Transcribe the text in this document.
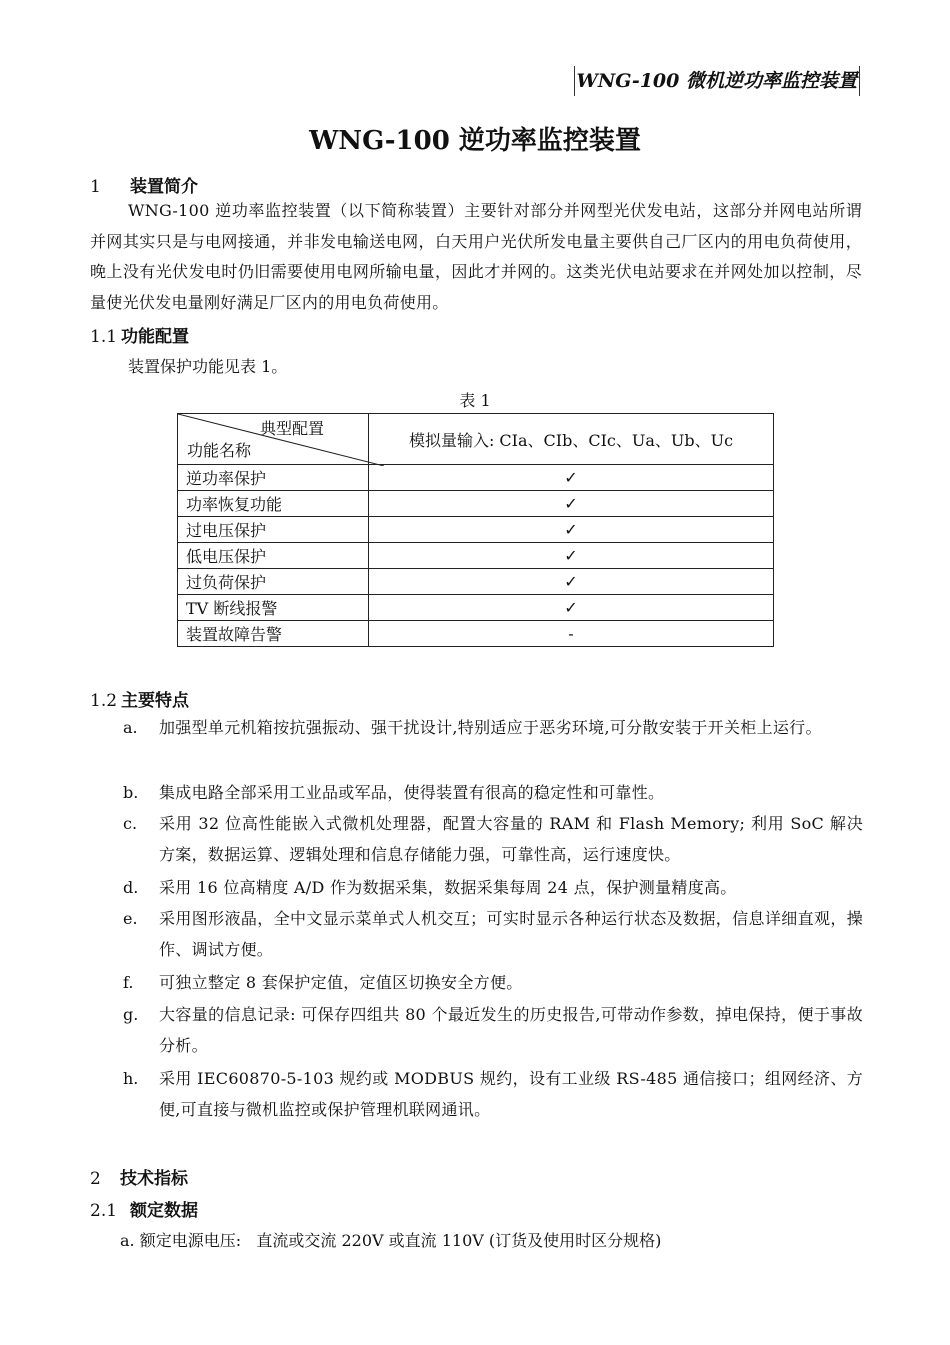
WNG-100 微机逆功率监控装置
WNG-100 逆功率监控装置
1 装置简介
WNG-100 逆功率监控装置（以下简称装置）主要针对部分并网型光伏发电站，这部分并网电站所谓并网其实只是与电网接通，并非发电输送电网，白天用户光伏所发电量主要供自己厂区内的用电负荷使用，晚上没有光伏发电时仍旧需要使用电网所输电量，因此才并网的。这类光伏电站要求在并网处加以控制，尽量使光伏发电量刚好满足厂区内的用电负荷使用。
1.1 功能配置
装置保护功能见表 1。
表 1
典型配置
功能名称	模拟量输入: CIa、CIb、CIc、Ua、Ub、Uc
逆功率保护	✓
功率恢复功能	✓
过电压保护	✓
低电压保护	✓
过负荷保护	✓
TV 断线报警	✓
装置故障告警	-
1.2 主要特点
a. 加强型单元机箱按抗强振动、强干扰设计,特别适应于恶劣环境,可分散安装于开关柜上运行。
b. 集成电路全部采用工业品或军品，使得装置有很高的稳定性和可靠性。
c. 采用 32 位高性能嵌入式微机处理器，配置大容量的 RAM 和 Flash Memory; 利用 SoC 解决方案，数据运算、逻辑处理和信息存储能力强，可靠性高，运行速度快。
d. 采用 16 位高精度 A/D 作为数据采集，数据采集每周 24 点，保护测量精度高。
e. 采用图形液晶，全中文显示菜单式人机交互；可实时显示各种运行状态及数据，信息详细直观，操作、调试方便。
f. 可独立整定 8 套保护定值，定值区切换安全方便。
g. 大容量的信息记录: 可保存四组共 80 个最近发生的历史报告,可带动作参数，掉电保持，便于事故分析。
h. 采用 IEC60870-5-103 规约或 MODBUS 规约，设有工业级 RS-485 通信接口；组网经济、方便,可直接与微机监控或保护管理机联网通讯。
2 技术指标
2.1 额定数据
a. 额定电源电压: 直流或交流 220V 或直流 110V (订货及使用时区分规格)
